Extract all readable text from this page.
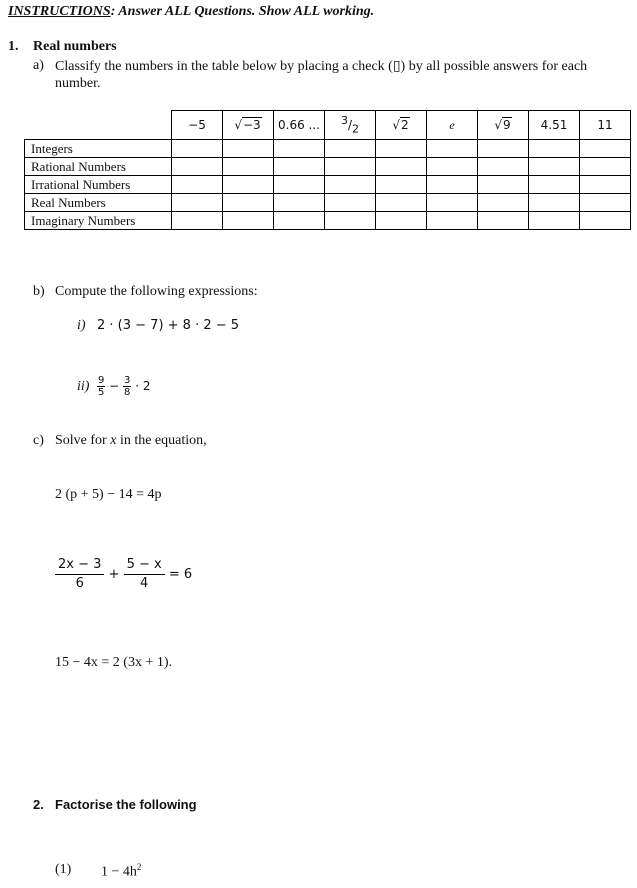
INSTRUCTIONS: Answer ALL Questions. Show ALL working.
1. Real numbers
a) Classify the numbers in the table below by placing a check (▯) by all possible answers for each number.
	−5	√−3	0.66 ...	$^3/_2$	√2	e	√9	4.51	11
Integers									
Rational Numbers									
Irrational Numbers									
Real Numbers									
Imaginary Numbers									
b) Compute the following expressions:
i) 2 · (3 − 7) + 8 · 2 − 5
$ii) \frac{9}{5} - \frac{3}{8} \cdot 2$
c) Solve for x in the equation,
2 (p + 5) − 14 = 4p
$\frac{2x - 3}{6} + \frac{5 - x}{4} = 6$
15 − 4x = 2 (3x + 1).
2. Factorise the following
(1) $1 - 4h^2$
